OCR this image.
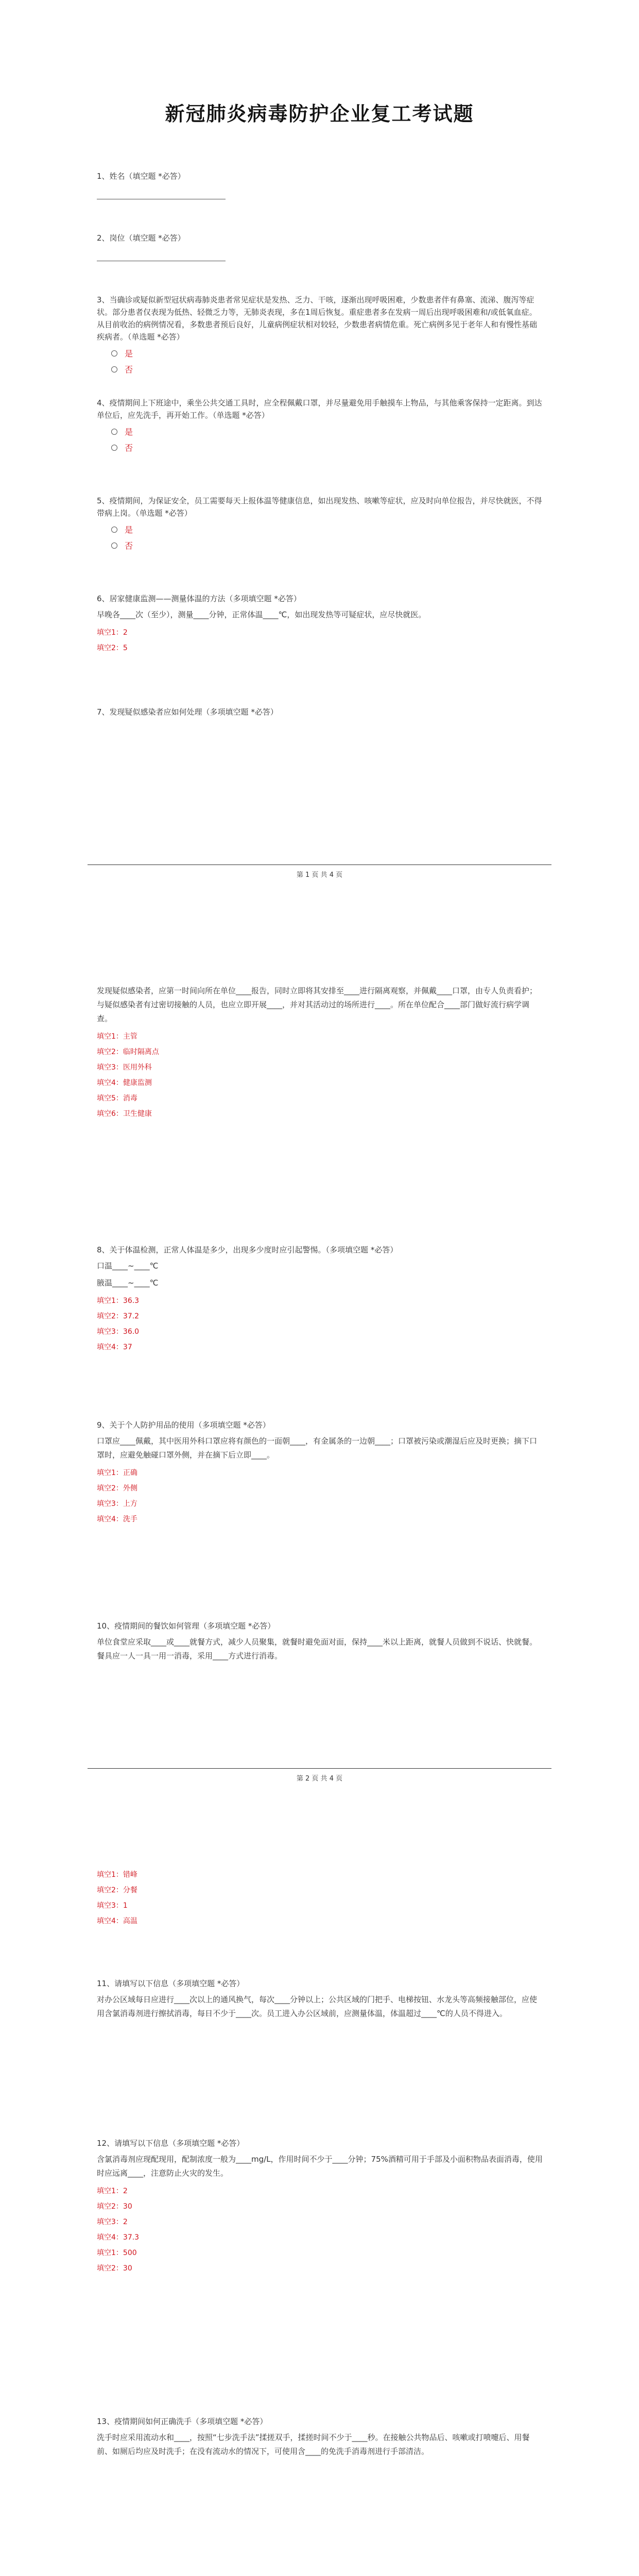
新冠肺炎病毒防护企业复工考试题
1、姓名（填空题 *必答）
2、岗位（填空题 *必答）
3、当确诊或疑似新型冠状病毒肺炎患者常见症状是发热、乏力、干咳，逐渐出现呼吸困难，少数患者伴有鼻塞、流涕、腹泻等症状。部分患者仅表现为低热、轻微乏力等，无肺炎表现，多在1周后恢复。重症患者多在发病一周后出现呼吸困难和/或低氧血症。从目前收治的病例情况看，多数患者预后良好，儿童病例症状相对较轻，少数患者病情危重。死亡病例多见于老年人和有慢性基础疾病者。（单选题 *必答）
是
否
4、疫情期间上下班途中，乘坐公共交通工具时，应全程佩戴口罩，并尽量避免用手触摸车上物品，与其他乘客保持一定距离。到达单位后，应先洗手，再开始工作。（单选题 *必答）
是
否
5、疫情期间，为保证安全，员工需要每天上报体温等健康信息，如出现发热、咳嗽等症状，应及时向单位报告，并尽快就医，不得带病上岗。（单选题 *必答）
是
否
6、居家健康监测——测量体温的方法（多项填空题 *必答）
早晚各____次（至少），测量____分钟，正常体温____℃，如出现发热等可疑症状，应尽快就医。
填空1：2
填空2：5
7、发现疑似感染者应如何处理（多项填空题 *必答）
第 1 页 共 4 页
发现疑似感染者，应第一时间向所在单位____报告，同时立即将其安排至____进行隔离观察，并佩戴____口罩，由专人负责看护；与疑似感染者有过密切接触的人员，也应立即开展____，并对其活动过的场所进行____。所在单位配合____部门做好流行病学调查。
填空1：主管
填空2：临时隔离点
填空3：医用外科
填空4：健康监测
填空5：消毒
填空6：卫生健康
8、关于体温检测，正常人体温是多少，出现多少度时应引起警惕。（多项填空题 *必答）
口温____~____℃
腋温____~____℃
填空1：36.3
填空2：37.2
填空3：36.0
填空4：37
9、关于个人防护用品的使用（多项填空题 *必答）
口罩应____佩戴，其中医用外科口罩应将有颜色的一面朝____，有金属条的一边朝____；口罩被污染或潮湿后应及时更换；摘下口罩时，应避免触碰口罩外侧，并在摘下后立即____。
填空1：正确
填空2：外侧
填空3：上方
填空4：洗手
10、疫情期间的餐饮如何管理（多项填空题 *必答）
单位食堂应采取____或____就餐方式，减少人员聚集，就餐时避免面对面，保持____米以上距离，就餐人员做到不说话、快就餐。餐具应一人一具一用一消毒，采用____方式进行消毒。
第 2 页 共 4 页
填空1：错峰
填空2：分餐
填空3：1
填空4：高温
11、请填写以下信息（多项填空题 *必答）
对办公区域每日应进行____次以上的通风换气，每次____分钟以上；公共区域的门把手、电梯按钮、水龙头等高频接触部位，应使用含氯消毒剂进行擦拭消毒，每日不少于____次。员工进入办公区域前，应测量体温，体温超过____℃的人员不得进入。
12、请填写以下信息（多项填空题 *必答）
含氯消毒剂应现配现用，配制浓度一般为____mg/L，作用时间不少于____分钟；75%酒精可用于手部及小面积物品表面消毒，使用时应远离____，注意防止火灾的发生。
填空1：2
填空2：30
填空3：2
填空4：37.3
填空1：500
填空2：30
13、疫情期间如何正确洗手（多项填空题 *必答）
洗手时应采用流动水和____，按照“七步洗手法”揉搓双手，揉搓时间不少于____秒。在接触公共物品后、咳嗽或打喷嚏后、用餐前、如厕后均应及时洗手；在没有流动水的情况下，可使用含____的免洗手消毒剂进行手部清洁。
